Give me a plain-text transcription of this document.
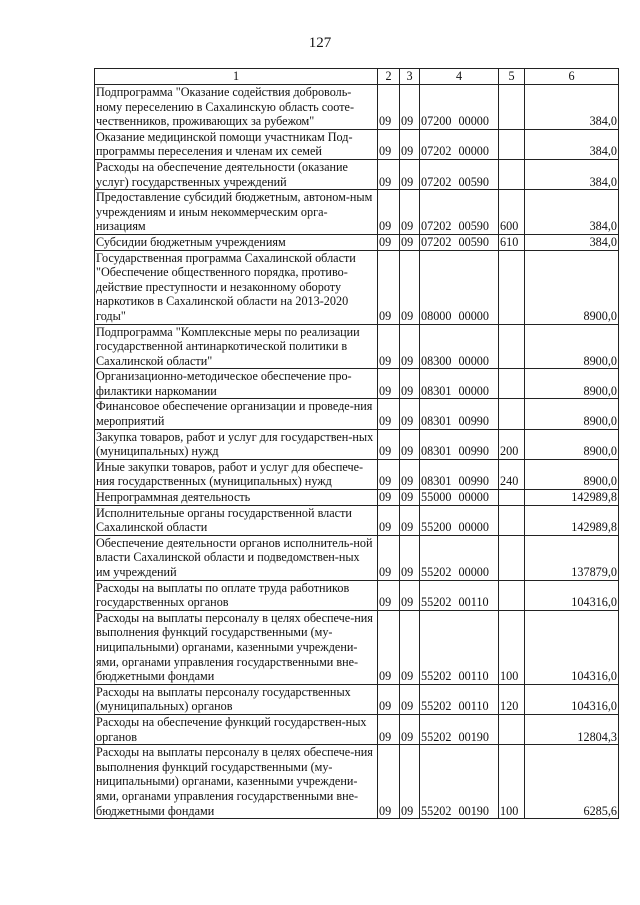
127
1	2	3	4	5	6
Подпрограмма "Оказание содействия доброволь-ному переселению в Сахалинскую область сооте-чественников, проживающих за рубежом"	09	09	07200 00000		384,0
Оказание медицинской помощи участникам Под-программы переселения и членам их семей	09	09	07202 00000		384,0
Расходы на обеспечение деятельности (оказание услуг) государственных учреждений	09	09	07202 00590		384,0
Предоставление субсидий бюджетным, автоном-ным учреждениям и иным некоммерческим орга-низациям	09	09	07202 00590	600	384,0
Субсидии бюджетным учреждениям	09	09	07202 00590	610	384,0
Государственная программа Сахалинской области "Обеспечение общественного порядка, противо-действие преступности и незаконному обороту наркотиков в Сахалинской области на 2013-2020 годы"	09	09	08000 00000		8900,0
Подпрограмма "Комплексные меры по реализации государственной антинаркотической политики в Сахалинской области"	09	09	08300 00000		8900,0
Организационно-методическое обеспечение про-филактики наркомании	09	09	08301 00000		8900,0
Финансовое обеспечение организации и проведе-ния мероприятий	09	09	08301 00990		8900,0
Закупка товаров, работ и услуг для государствен-ных (муниципальных) нужд	09	09	08301 00990	200	8900,0
Иные закупки товаров, работ и услуг для обеспече-ния государственных (муниципальных) нужд	09	09	08301 00990	240	8900,0
Непрограммная деятельность	09	09	55000 00000		142989,8
Исполнительные органы государственной власти Сахалинской области	09	09	55200 00000		142989,8
Обеспечение деятельности органов исполнитель-ной власти Сахалинской области и подведомствен-ных им учреждений	09	09	55202 00000		137879,0
Расходы на выплаты по оплате труда работников государственных органов	09	09	55202 00110		104316,0
Расходы на выплаты персоналу в целях обеспече-ния выполнения функций государственными (му-ниципальными) органами, казенными учреждени-ями, органами управления государственными вне-бюджетными фондами	09	09	55202 00110	100	104316,0
Расходы на выплаты персоналу государственных (муниципальных) органов	09	09	55202 00110	120	104316,0
Расходы на обеспечение функций государствен-ных органов	09	09	55202 00190		12804,3
Расходы на выплаты персоналу в целях обеспече-ния выполнения функций государственными (му-ниципальными) органами, казенными учреждени-ями, органами управления государственными вне-бюджетными фондами	09	09	55202 00190	100	6285,6
